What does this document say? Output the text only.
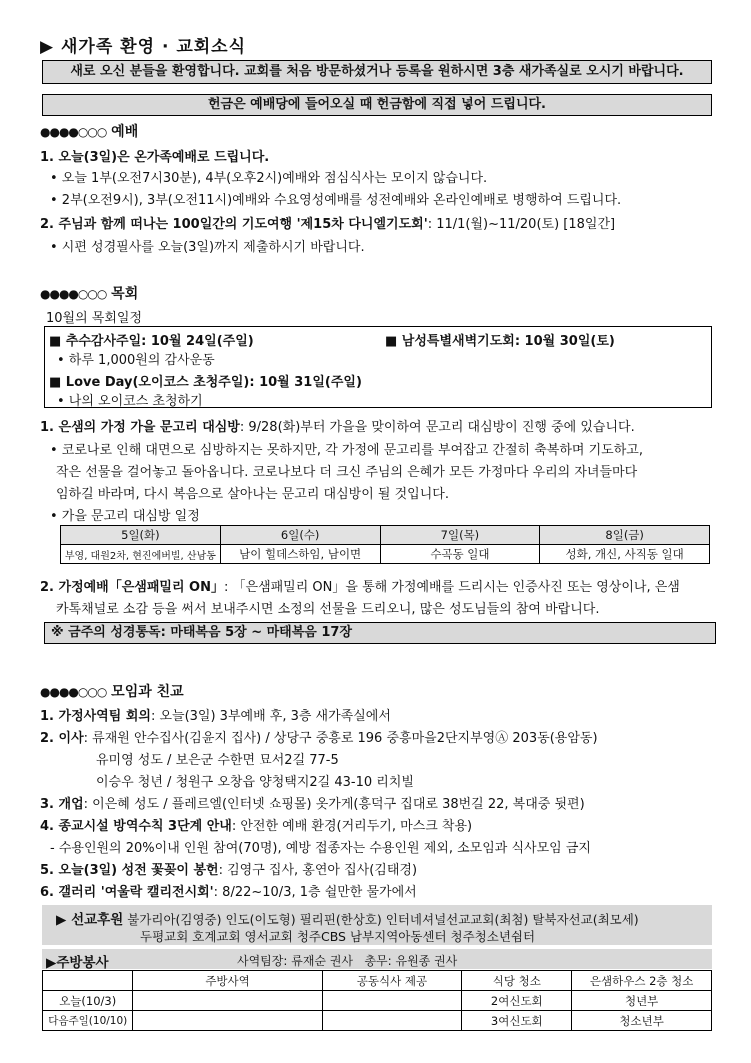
▶ 새가족 환영 · 교회소식
새로 오신 분들을 환영합니다. 교회를 처음 방문하셨거나 등록을 원하시면 3층 새가족실로 오시기 바랍니다.
헌금은 예배당에 들어오실 때 헌금함에 직접 넣어 드립니다.
●●●●○○○ 예배
1. 오늘(3일)은 온가족예배로 드립니다.
• 오늘 1부(오전7시30분), 4부(오후2시)예배와 점심식사는 모이지 않습니다.
• 2부(오전9시), 3부(오전11시)예배와 수요영성예배를 성전예배와 온라인예배로 병행하여 드립니다.
2. 주님과 함께 떠나는 100일간의 기도여행 '제15차 다니엘기도회': 11/1(월)~11/20(토) [18일간]
• 시편 성경필사를 오늘(3일)까지 제출하시기 바랍니다.
●●●●○○○ 목회
10월의 목회일정
■ 추수감사주일: 10월 24일(주일)
• 하루 1,000원의 감사운동
■ 남성특별새벽기도회: 10월 30일(토)
■ Love Day(오이코스 초청주일): 10월 31일(주일)
• 나의 오이코스 초청하기
1. 은샘의 가정 가을 문고리 대심방: 9/28(화)부터 가을을 맞이하여 문고리 대심방이 진행 중에 있습니다.
• 코로나로 인해 대면으로 심방하지는 못하지만, 각 가정에 문고리를 부여잡고 간절히 축복하며 기도하고,
작은 선물을 걸어놓고 돌아옵니다. 코로나보다 더 크신 주님의 은혜가 모든 가정마다 우리의 자녀들마다
임하길 바라며, 다시 복음으로 살아나는 문고리 대심방이 될 것입니다.
• 가을 문고리 대심방 일정
5일(화)	6일(수)	7일(목)	8일(금)
부영, 대원2차, 현진에버빌, 산남동	남이 힐데스하임, 남이면	수곡동 일대	성화, 개신, 사직동 일대
2. 가정예배「은샘패밀리 ON」: 「은샘패밀리 ON」을 통해 가정예배를 드리시는 인증사진 또는 영상이나, 은샘
카톡채널로 소감 등을 써서 보내주시면 소정의 선물을 드리오니, 많은 성도님들의 참여 바랍니다.
※ 금주의 성경통독: 마태복음 5장 ~ 마태복음 17장
●●●●○○○ 모임과 친교
1. 가정사역팀 회의: 오늘(3일) 3부예배 후, 3층 새가족실에서
2. 이사: 류재원 안수집사(김윤지 집사) / 상당구 중흥로 196 중흥마을2단지부영Ⓐ 203동(용암동)
유미영 성도 / 보은군 수한면 묘서2길 77-5
이승우 청년 / 청원구 오창읍 양청택지2길 43-10 리치빌
3. 개업: 이은혜 성도 / 플레르엘(인터넷 쇼핑몰) 옷가게(흥덕구 집대로 38번길 22, 복대중 뒷편)
4. 종교시설 방역수칙 3단계 안내: 안전한 예배 환경(거리두기, 마스크 착용)
- 수용인원의 20%이내 인원 참여(70명), 예방 접종자는 수용인원 제외, 소모임과 식사모임 금지
5. 오늘(3일) 성전 꽃꽂이 봉헌: 김영구 집사, 홍연아 집사(김태경)
6. 갤러리 '여울락 캘리전시회': 8/22~10/3, 1층 쉴만한 물가에서
▶ 선교후원 불가리아(김영중) 인도(이도형) 필리핀(한상호) 인터네셔널선교교회(최첨) 탈북자선교(최모세)
두평교회 호계교회 영서교회 청주CBS 남부지역아동센터 청주청소년쉼터
▶주방봉사	사역팀장: 류재순 권사   총무: 유원종 권사
	주방사역	공동식사 제공	식당 청소	은샘하우스 2층 청소
오늘(10/3)			2여신도회	청년부
다음주일(10/10)			3여신도회	청소년부
